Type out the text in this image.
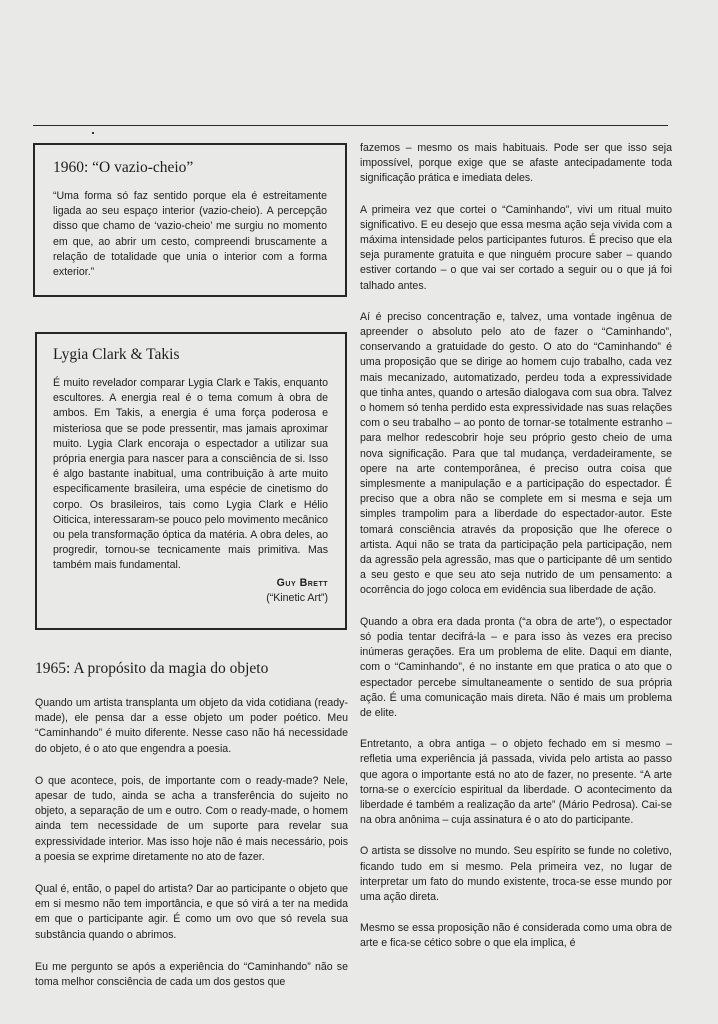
1960: “O vazio-cheio”

“Uma forma só faz sentido porque ela é estreitamente ligada ao seu espaço interior (vazio-cheio). A percepção disso que chamo de ‘vazio-cheio’ me surgiu no momento em que, ao abrir um cesto, compreendi bruscamente a relação de totalidade que unia o interior com a forma exterior.”

Lygia Clark & Takis

É muito revelador comparar Lygia Clark e Takis, enquanto escultores. A energia real é o tema comum à obra de ambos. Em Takis, a energia é uma força poderosa e misteriosa que se pode pressentir, mas jamais aproximar muito. Lygia Clark encoraja o espectador a utilizar sua própria energia para nascer para a consciência de si. Isso é algo bastante inabitual, uma contribuição à arte muito especificamente brasileira, uma espécie de cinetismo do corpo. Os brasileiros, tais como Lygia Clark e Hélio Oiticica, interessaram-se pouco pelo movimento mecânico ou pela transformação óptica da matéria. A obra deles, ao progredir, tornou-se tecnicamente mais primitiva. Mas também mais fundamental.

Guy Brett
(“Kinetic Art”)
1965: A propósito da magia do objeto

Quando um artista transplanta um objeto da vida cotidiana (ready-made), ele pensa dar a esse objeto um poder poético. Meu “Caminhando” é muito diferente. Nesse caso não há necessidade do objeto, é o ato que engendra a poesia.

O que acontece, pois, de importante com o ready-made? Nele, apesar de tudo, ainda se acha a transferência do sujeito no objeto, a separação de um e outro. Com o ready-made, o homem ainda tem necessidade de um suporte para revelar sua expressividade interior. Mas isso hoje não é mais necessário, pois a poesia se exprime diretamente no ato de fazer.

Qual é, então, o papel do artista? Dar ao participante o objeto que em si mesmo não tem importância, e que só virá a ter na medida em que o participante agir. É como um ovo que só revela sua substância quando o abrimos.

Eu me pergunto se após a experiência do “Caminhando” não se toma melhor consciência de cada um dos gestos que

fazemos – mesmo os mais habituais. Pode ser que isso seja impossível, porque exige que se afaste antecipadamente toda significação prática e imediata deles.

A primeira vez que cortei o “Caminhando”, vivi um ritual muito significativo. E eu desejo que essa mesma ação seja vivida com a máxima intensidade pelos participantes futuros. É preciso que ela seja puramente gratuita e que ninguém procure saber – quando estiver cortando – o que vai ser cortado a seguir ou o que já foi talhado antes.

Aí é preciso concentração e, talvez, uma vontade ingênua de apreender o absoluto pelo ato de fazer o “Caminhando”, conservando a gratuidade do gesto. O ato do “Caminhando” é uma proposição que se dirige ao homem cujo trabalho, cada vez mais mecanizado, automatizado, perdeu toda a expressividade que tinha antes, quando o artesão dialogava com sua obra. Talvez o homem só tenha perdido esta expressividade nas suas relações com o seu trabalho – ao ponto de tornar-se totalmente estranho – para melhor redescobrir hoje seu próprio gesto cheio de uma nova significação. Para que tal mudança, verdadeiramente, se opere na arte contemporânea, é preciso outra coisa que simplesmente a manipulação e a participação do espectador. É preciso que a obra não se complete em si mesma e seja um simples trampolim para a liberdade do espectador-autor. Este tomará consciência através da proposição que lhe oferece o artista. Aqui não se trata da participação pela participação, nem da agressão pela agressão, mas que o participante dê um sentido a seu gesto e que seu ato seja nutrido de um pensamento: a ocorrência do jogo coloca em evidência sua liberdade de ação.

Quando a obra era dada pronta (“a obra de arte”), o espectador só podia tentar decifrá-la – e para isso às vezes era preciso inúmeras gerações. Era um problema de elite. Daqui em diante, com o “Caminhando”, é no instante em que pratica o ato que o espectador percebe simultaneamente o sentido de sua própria ação. É uma comunicação mais direta. Não é mais um problema de elite.

Entretanto, a obra antiga – o objeto fechado em si mesmo – refletia uma experiência já passada, vivida pelo artista ao passo que agora o importante está no ato de fazer, no presente. “A arte torna-se o exercício espiritual da liberdade. O acontecimento da liberdade é também a realização da arte” (Mário Pedrosa). Cai-se na obra anônima – cuja assinatura é o ato do participante.

O artista se dissolve no mundo. Seu espírito se funde no coletivo, ficando tudo em si mesmo. Pela primeira vez, no lugar de interpretar um fato do mundo existente, troca-se esse mundo por uma ação direta.

Mesmo se essa proposição não é considerada como uma obra de arte e fica-se cético sobre o que ela implica, é
